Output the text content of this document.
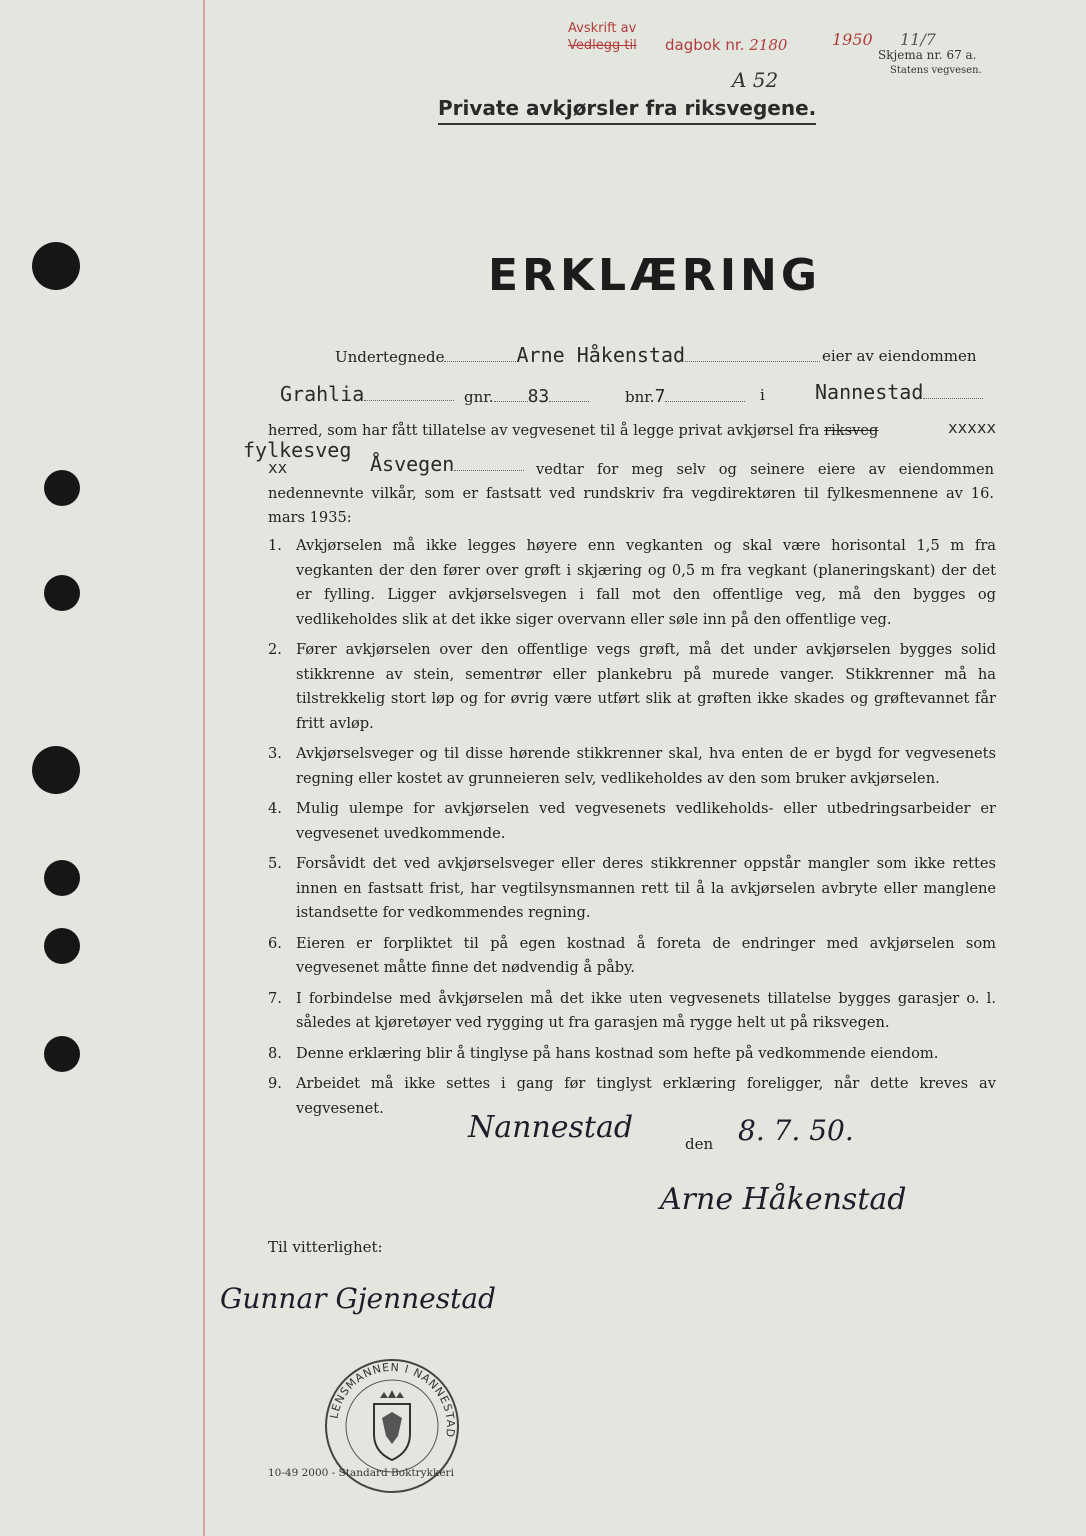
Avskrift av
Vedlegg til dagbok nr. 2180	1950 11/7
Skjema nr. 67 a.
Statens vegvesen.
A 52
Private avkjørsler fra riksvegene.
ERKLÆRING
Undertegnede	Arne Håkenstad	eier av eiendommen
Grahlia	gnr. 83	bnr.7	i	Nannestad
herred, som har fått tillatelse av vegvesenet til å legge privat avkjørsel fra riksveg	xxxxx
fylkesveg
xx	Åsvegen	vedtar for meg selv og seinere eiere av eiendommen nedennevnte vilkår, som er fastsatt ved rundskriv fra vegdirektøren til fylkesmennene av 16. mars 1935:
1. Avkjørselen må ikke legges høyere enn vegkanten og skal være horisontal 1,5 m fra vegkanten der den fører over grøft i skjæring og 0,5 m fra vegkant (planeringskant) der det er fylling. Ligger avkjørselsvegen i fall mot den offentlige veg, må den bygges og vedlikeholdes slik at det ikke siger overvann eller søle inn på den offentlige veg.
2. Fører avkjørselen over den offentlige vegs grøft, må det under avkjørselen bygges solid stikkrenne av stein, sementrør eller plankebru på murede vanger. Stikkrenner må ha tilstrekkelig stort løp og for øvrig være utført slik at grøften ikke skades og grøftevannet får fritt avløp.
3. Avkjørselsveger og til disse hørende stikkrenner skal, hva enten de er bygd for vegvesenets regning eller kostet av grunneieren selv, vedlikeholdes av den som bruker avkjørselen.
4. Mulig ulempe for avkjørselen ved vegvesenets vedlikeholds- eller utbedringsarbeider er vegvesenet uvedkommende.
5. Forsåvidt det ved avkjørselsveger eller deres stikkrenner oppstår mangler som ikke rettes innen en fastsatt frist, har vegtilsynsmannen rett til å la avkjørselen avbryte eller manglene istandsette for vedkommendes regning.
6. Eieren er forpliktet til på egen kostnad å foreta de endringer med avkjørselen som vegvesenet måtte finne det nødvendig å påby.
7. I forbindelse med åvkjørselen må det ikke uten vegvesenets tillatelse bygges garasjer o. l. således at kjøretøyer ved rygging ut fra garasjen må rygge helt ut på riksvegen.
8. Denne erklæring blir å tinglyse på hans kostnad som hefte på vedkommende eiendom.
9. Arbeidet må ikke settes i gang før tinglyst erklæring foreligger, når dette kreves av vegvesenet.
Nannestad	den 8. 7. 50.
Arne Håkenstad
Til vitterlighet:
Gunnar Gjennestad
LENSMANNEN I NANNESTAD
10-49 2000 - Standard Boktrykkeri
